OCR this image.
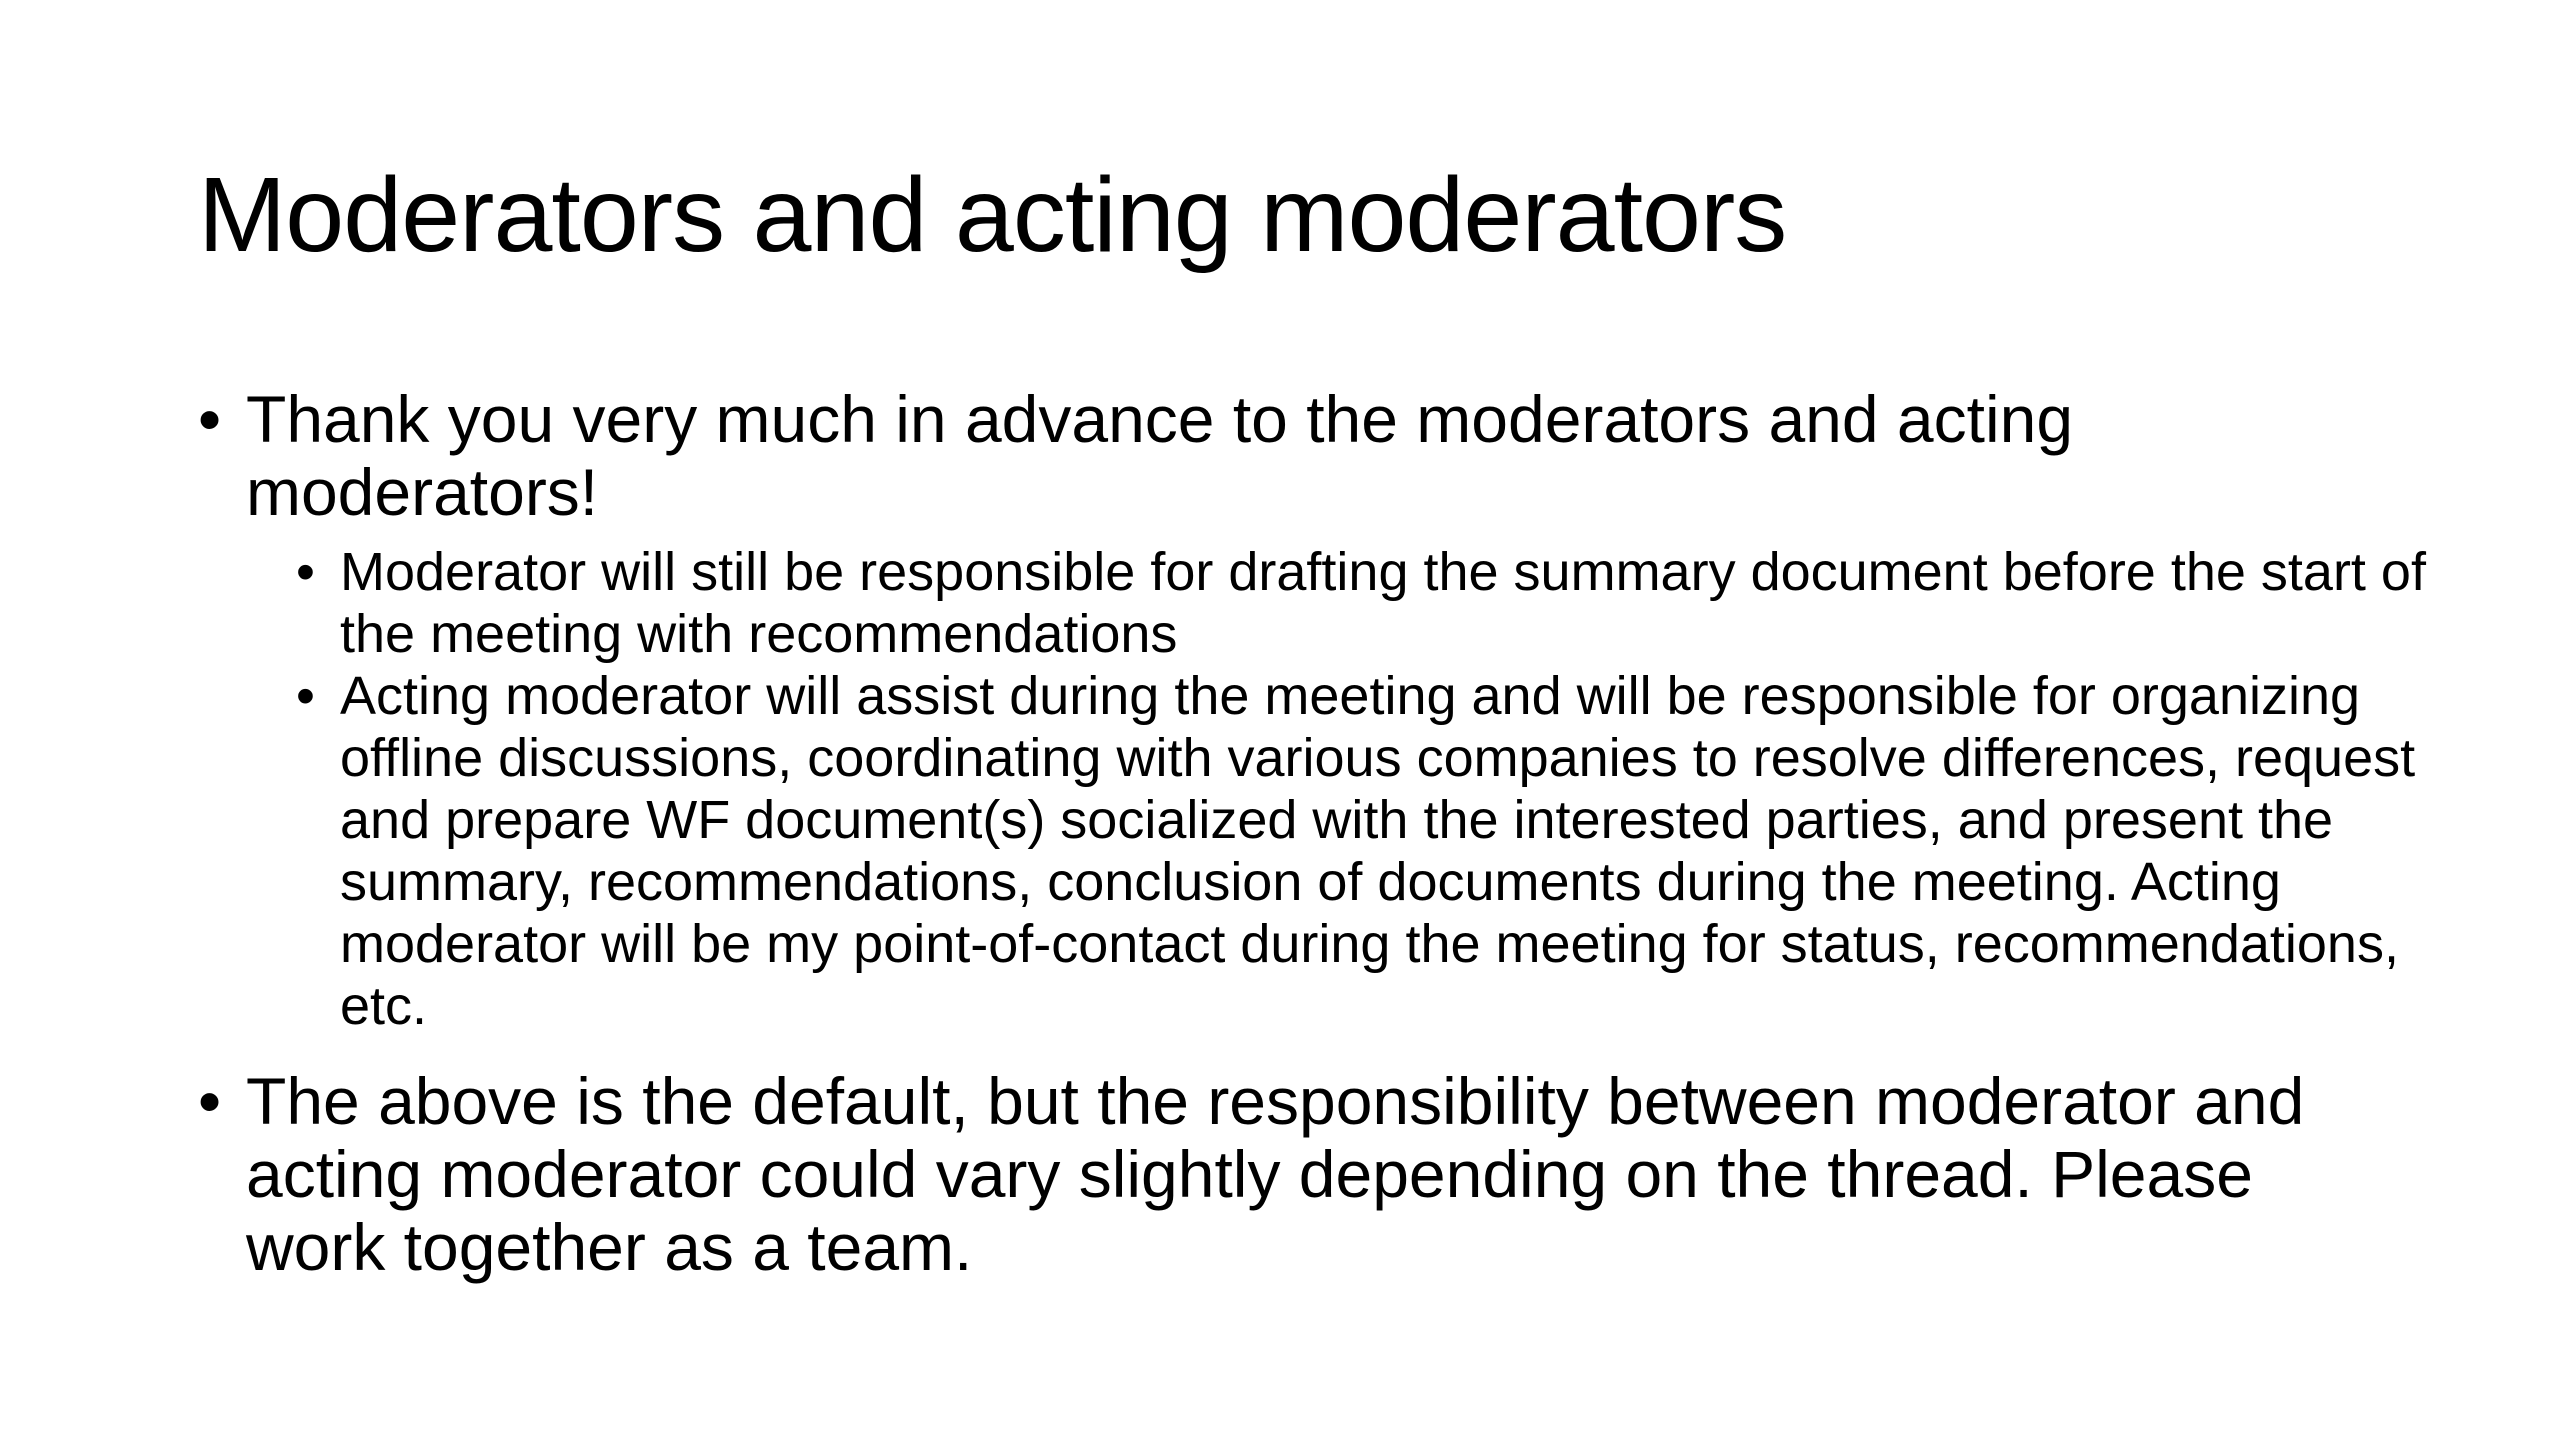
Moderators and acting moderators
• Thank you very much in advance to the moderators and acting moderators!
• Moderator will still be responsible for drafting the summary document before the start of the meeting with recommendations
• Acting moderator will assist during the meeting and will be responsible for organizing offline discussions, coordinating with various companies to resolve differences, request and prepare WF document(s) socialized with the interested parties, and present the summary, recommendations, conclusion of documents during the meeting. Acting moderator will be my point-of-contact during the meeting for status, recommendations, etc.
• The above is the default, but the responsibility between moderator and acting moderator could vary slightly depending on the thread. Please work together as a team.
